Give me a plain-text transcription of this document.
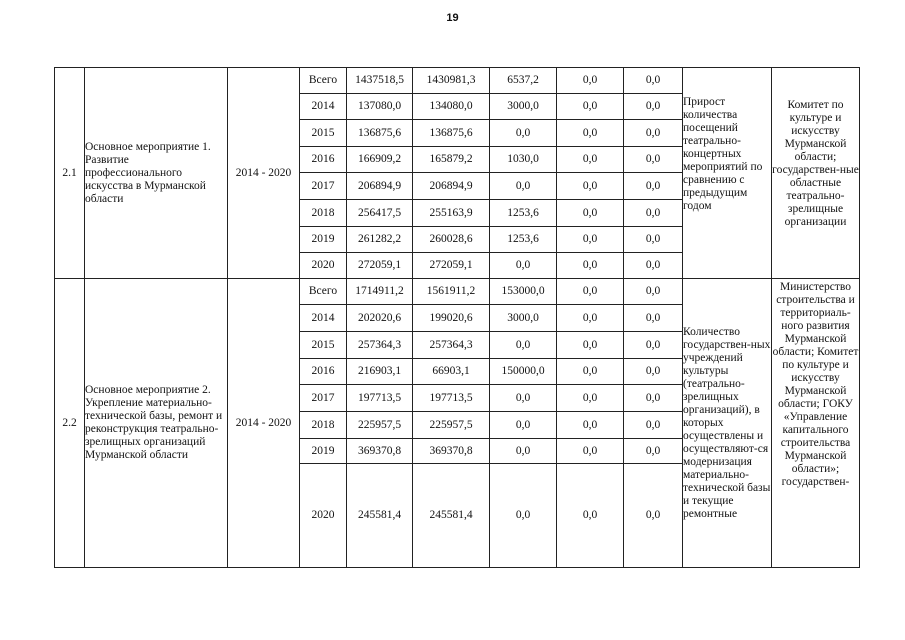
19
2.1	Основное мероприятие 1. Развитие профессионального искусства в Мурманской области	2014 - 2020	Всего	1437518,5	1430981,3	6537,2	0,0	0,0	Прирост количества посещений театрально-концертных мероприятий по сравнению с предыдущим годом	Комитет по культуре и искусству Мурманской области; государствен-ные областные театрально-зрелищные организации
			2014	137080,0	134080,0	3000,0	0,0	0,0		
			2015	136875,6	136875,6	0,0	0,0	0,0		
			2016	166909,2	165879,2	1030,0	0,0	0,0		
			2017	206894,9	206894,9	0,0	0,0	0,0		
			2018	256417,5	255163,9	1253,6	0,0	0,0		
			2019	261282,2	260028,6	1253,6	0,0	0,0		
			2020	272059,1	272059,1	0,0	0,0	0,0		
2.2	Основное мероприятие 2. Укрепление материально-технической базы, ремонт и реконструкция театрально-зрелищных организаций Мурманской области	2014 - 2020	Всего	1714911,2	1561911,2	153000,0	0,0	0,0	Количество государствен-ных учреждений культуры (театрально-зрелищных организаций), в которых осуществлены и осуществляют-ся модернизация материально-технической базы и текущие ремонтные	Министерство строительства и территориаль-ного развития Мурманской области; Комитет по культуре и искусству Мурманской области; ГОКУ «Управление капитального строительства Мурманской области»; государствен-
			2014	202020,6	199020,6	3000,0	0,0	0,0		
			2015	257364,3	257364,3	0,0	0,0	0,0		
			2016	216903,1	66903,1	150000,0	0,0	0,0		
			2017	197713,5	197713,5	0,0	0,0	0,0		
			2018	225957,5	225957,5	0,0	0,0	0,0		
			2019	369370,8	369370,8	0,0	0,0	0,0		
			2020	245581,4	245581,4	0,0	0,0	0,0		
